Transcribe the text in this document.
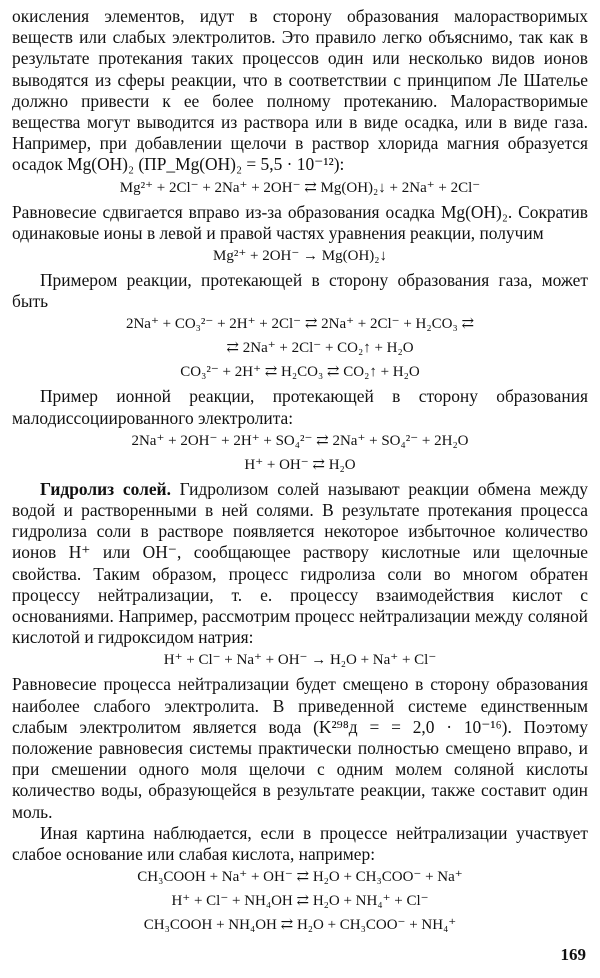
окисления элементов, идут в сторону образования малорастворимых веществ или слабых электролитов. Это правило легко объяснимо, так как в результате протекания таких процессов один или несколько видов ионов выводятся из сферы реакции, что в соответствии с принципом Ле Шателье должно привести к ее более полному протеканию. Малорастворимые вещества могут выводится из раствора или в виде осадка, или в виде газа. Например, при добавлении щелочи в раствор хлорида магния образуется осадок Mg(OH)₂ (ПР_Mg(OH)₂ = 5,5 · 10⁻¹²):

Mg²⁺ + 2Cl⁻ + 2Na⁺ + 2OH⁻ ⇄ Mg(OH)₂↓ + 2Na⁺ + 2Cl⁻

Равновесие сдвигается вправо из-за образования осадка Mg(OH)₂. Сократив одинаковые ионы в левой и правой частях уравнения реакции, получим

Mg²⁺ + 2OH⁻ → Mg(OH)₂↓

Примером реакции, протекающей в сторону образования газа, может быть

2Na⁺ + CO₃²⁻ + 2H⁺ + 2Cl⁻ ⇄ 2Na⁺ + 2Cl⁻ + H₂CO₃ ⇄
⇄ 2Na⁺ + 2Cl⁻ + CO₂↑ + H₂O
CO₃²⁻ + 2H⁺ ⇄ H₂CO₃ ⇄ CO₂↑ + H₂O

Пример ионной реакции, протекающей в сторону образования малодиссоциированного электролита:

2Na⁺ + 2OH⁻ + 2H⁺ + SO₄²⁻ ⇄ 2Na⁺ + SO₄²⁻ + 2H₂O
H⁺ + OH⁻ ⇄ H₂O

Гидролиз солей. Гидролизом солей называют реакции обмена между водой и растворенными в ней солями. В результате протекания процесса гидролиза соли в растворе появляется некоторое избыточное количество ионов H⁺ или OH⁻, сообщающее раствору кислотные или щелочные свойства. Таким образом, процесс гидролиза соли во многом обратен процессу нейтрализации, т. е. процессу взаимодействия кислот с основаниями. Например, рассмотрим процесс нейтрализации между соляной кислотой и гидроксидом натрия:

H⁺ + Cl⁻ + Na⁺ + OH⁻ → H₂O + Na⁺ + Cl⁻

Равновесие процесса нейтрализации будет смещено в сторону образования наиболее слабого электролита. В приведенной системе единственным слабым электролитом является вода (K²⁹⁸д = = 2,0 · 10⁻¹⁶). Поэтому положение равновесия системы практически полностью смещено вправо, и при смешении одного моля щелочи с одним молем соляной кислоты количество воды, образующейся в результате реакции, также составит один моль.

Иная картина наблюдается, если в процессе нейтрализации участвует слабое основание или слабая кислота, например:

CH₃COOH + Na⁺ + OH⁻ ⇄ H₂O + CH₃COO⁻ + Na⁺
H⁺ + Cl⁻ + NH₄OH ⇄ H₂O + NH₄⁺ + Cl⁻
CH₃COOH + NH₄OH ⇄ H₂O + CH₃COO⁻ + NH₄⁺
169
